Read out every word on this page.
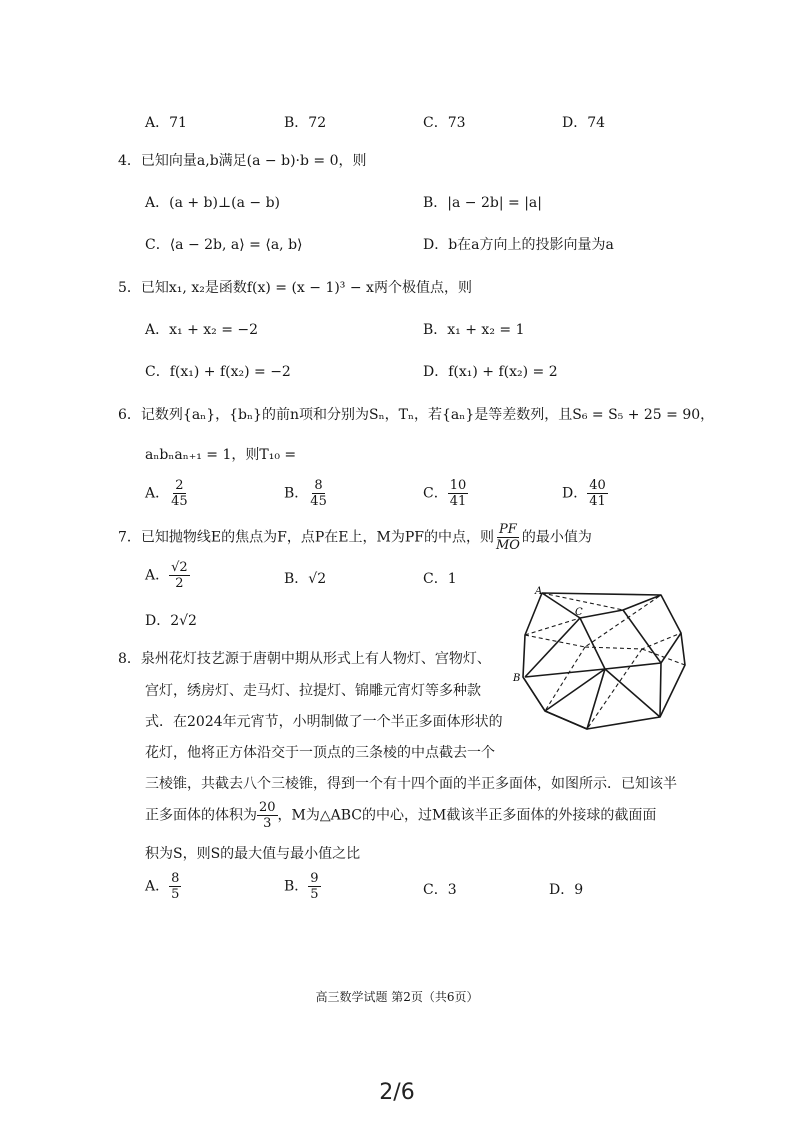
A．71	B．72	C．73	D．74
4．已知向量a,b满足(a − b)·b = 0，则
A．(a + b)⊥(a − b)	B．|a − 2b| = |a|
C．⟨a − 2b, a⟩ = ⟨a, b⟩	D．b在a方向上的投影向量为a
5．已知x₁, x₂是函数f(x) = (x − 1)³ − x两个极值点，则
A．x₁ + x₂ = −2	B．x₁ + x₂ = 1
C．f(x₁) + f(x₂) = −2	D．f(x₁) + f(x₂) = 2
6．记数列{aₙ}，{bₙ}的前n项和分别为Sₙ，Tₙ，若{aₙ}是等差数列，且S₆ = S₅ + 25 = 90，
aₙbₙaₙ₊₁ = 1，则T₁₀ =
A． $\frac{2}{45}$	B． $\frac{8}{45}$	C． $\frac{10}{41}$	D． $\frac{40}{41}$
7．已知抛物线E的焦点为F，点P在E上，M为PF的中点，则 $\frac{PF}{MO}$ 的最小值为
A． $\frac{√2}{2}$	B．√2	C．1
D．2√2
8．泉州花灯技艺源于唐朝中期从形式上有人物灯、宫物灯、
宫灯，绣房灯、走马灯、拉提灯、锦雕元宵灯等多种款
式．在2024年元宵节，小明制做了一个半正多面体形状的
花灯，他将正方体沿交于一顶点的三条棱的中点截去一个
三棱锥，共截去八个三棱锥，得到一个有十四个面的半正多面体，如图所示．已知该半
正多面体的体积为 $\frac{20}{3}$ ，M为△ABC的中心，过M截该半正多面体的外接球的截面面
积为S，则S的最大值与最小值之比
A． $\frac{8}{5}$	B． $\frac{9}{5}$	C．3	D．9
A
B
C
高三数学试题 第2页（共6页）
2/6
